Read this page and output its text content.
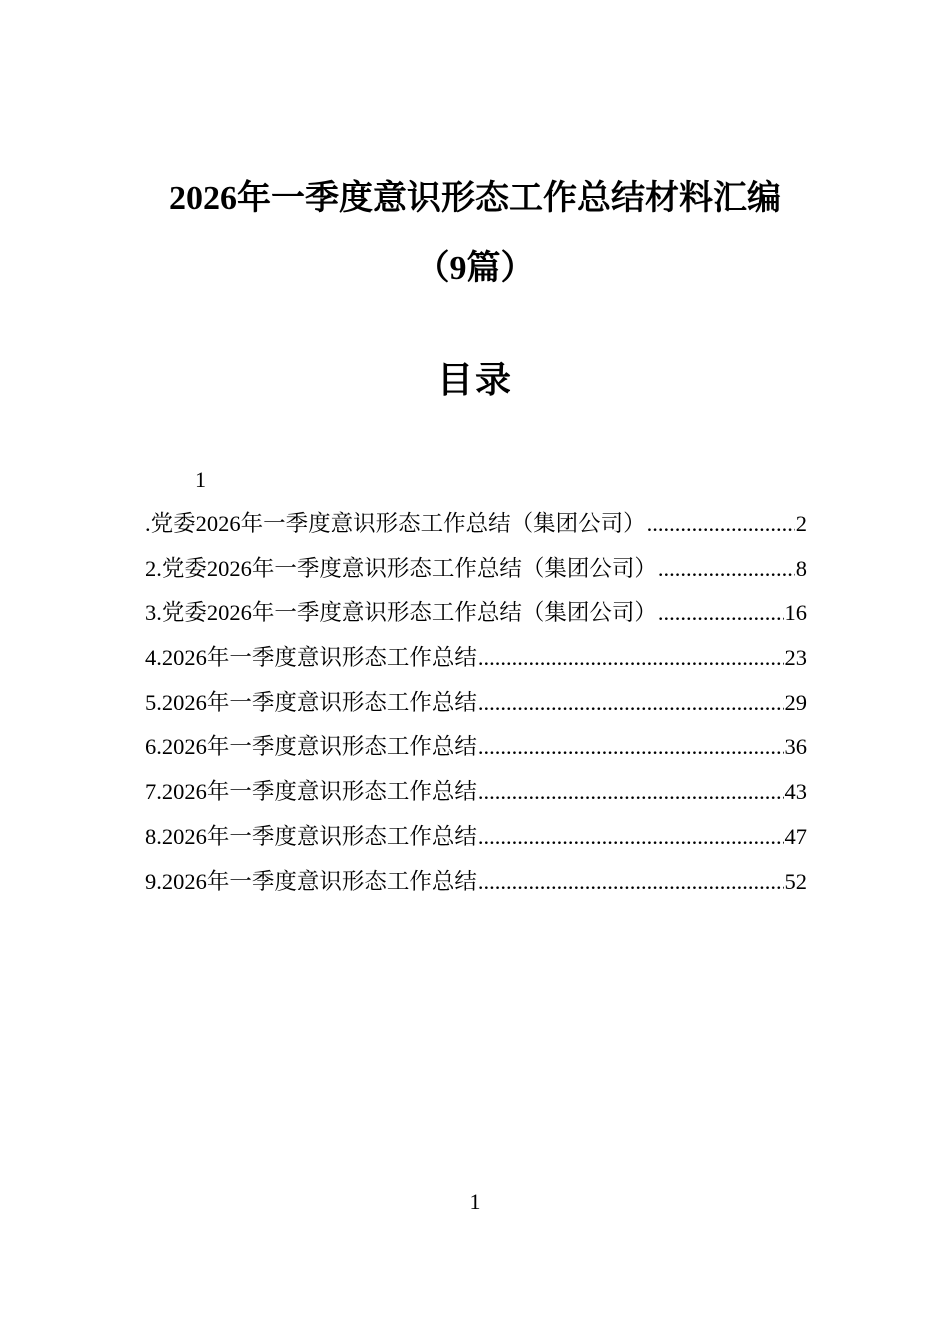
2026年一季度意识形态工作总结材料汇编
（9篇）
目录
1
.党委2026年一季度意识形态工作总结（集团公司） .....	2
2.党委2026年一季度意识形态工作总结（集团公司） .....	8
3.党委2026年一季度意识形态工作总结（集团公司） .....	16
4.2026年一季度意识形态工作总结 .....	23
5.2026年一季度意识形态工作总结 .....	29
6.2026年一季度意识形态工作总结 .....	36
7.2026年一季度意识形态工作总结 .....	43
8.2026年一季度意识形态工作总结 .....	47
9.2026年一季度意识形态工作总结 .....	52
1
